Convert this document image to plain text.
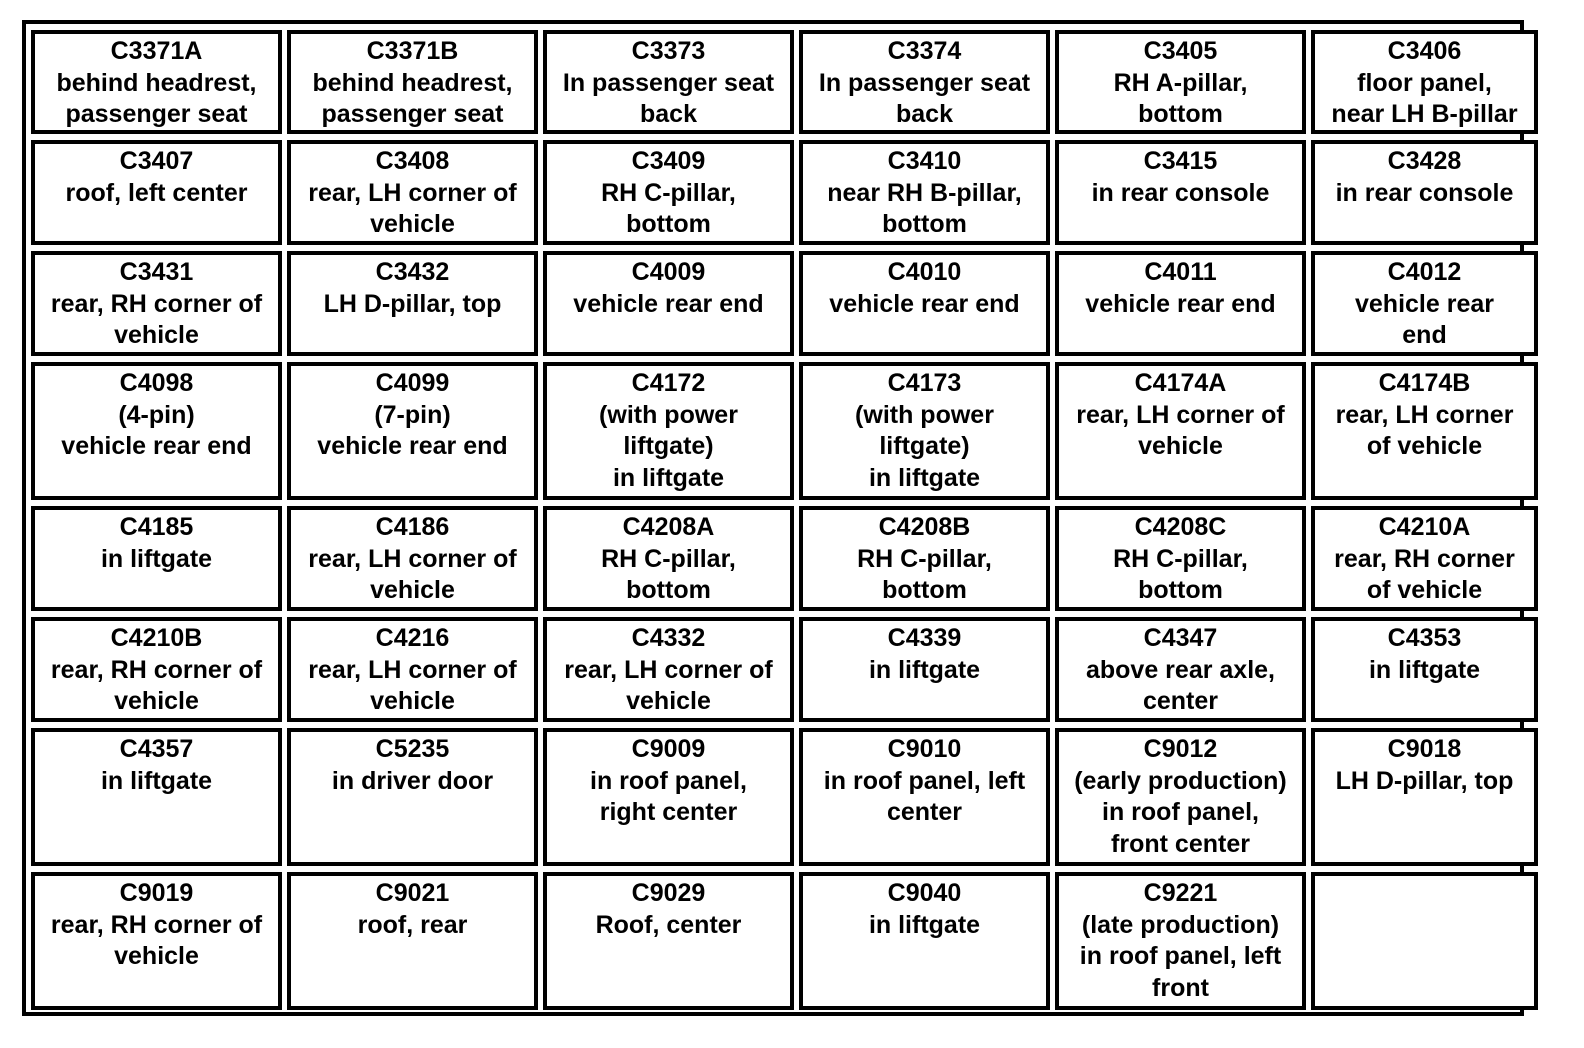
C3371A
behind headrest,
passenger seat
C3371B
behind headrest,
passenger seat
C3373
In passenger seat
back
C3374
In passenger seat
back
C3405
RH A-pillar,
bottom
C3406
floor panel,
near LH B-pillar
C3407
roof, left center
C3408
rear, LH corner of
vehicle
C3409
RH C-pillar,
bottom
C3410
near RH B-pillar,
bottom
C3415
in rear console
C3428
in rear console
C3431
rear, RH corner of
vehicle
C3432
LH D-pillar, top
C4009
vehicle rear end
C4010
vehicle rear end
C4011
vehicle rear end
C4012
vehicle rear
end
C4098
(4-pin)
vehicle rear end
C4099
(7-pin)
vehicle rear end
C4172
(with power
liftgate)
in liftgate
C4173
(with power
liftgate)
in liftgate
C4174A
rear, LH corner of
vehicle
C4174B
rear, LH corner
of vehicle
C4185
in liftgate
C4186
rear, LH corner of
vehicle
C4208A
RH C-pillar,
bottom
C4208B
RH C-pillar,
bottom
C4208C
RH C-pillar,
bottom
C4210A
rear, RH corner
of vehicle
C4210B
rear, RH corner of
vehicle
C4216
rear, LH corner of
vehicle
C4332
rear, LH corner of
vehicle
C4339
in liftgate
C4347
above rear axle,
center
C4353
in liftgate
C4357
in liftgate
C5235
in driver door
C9009
in roof panel,
right center
C9010
in roof panel, left
center
C9012
(early production)
in roof panel,
front center
C9018
LH D-pillar, top
C9019
rear, RH corner of
vehicle
C9021
roof, rear
C9029
Roof, center
C9040
in liftgate
C9221
(late production)
in roof panel, left
front
